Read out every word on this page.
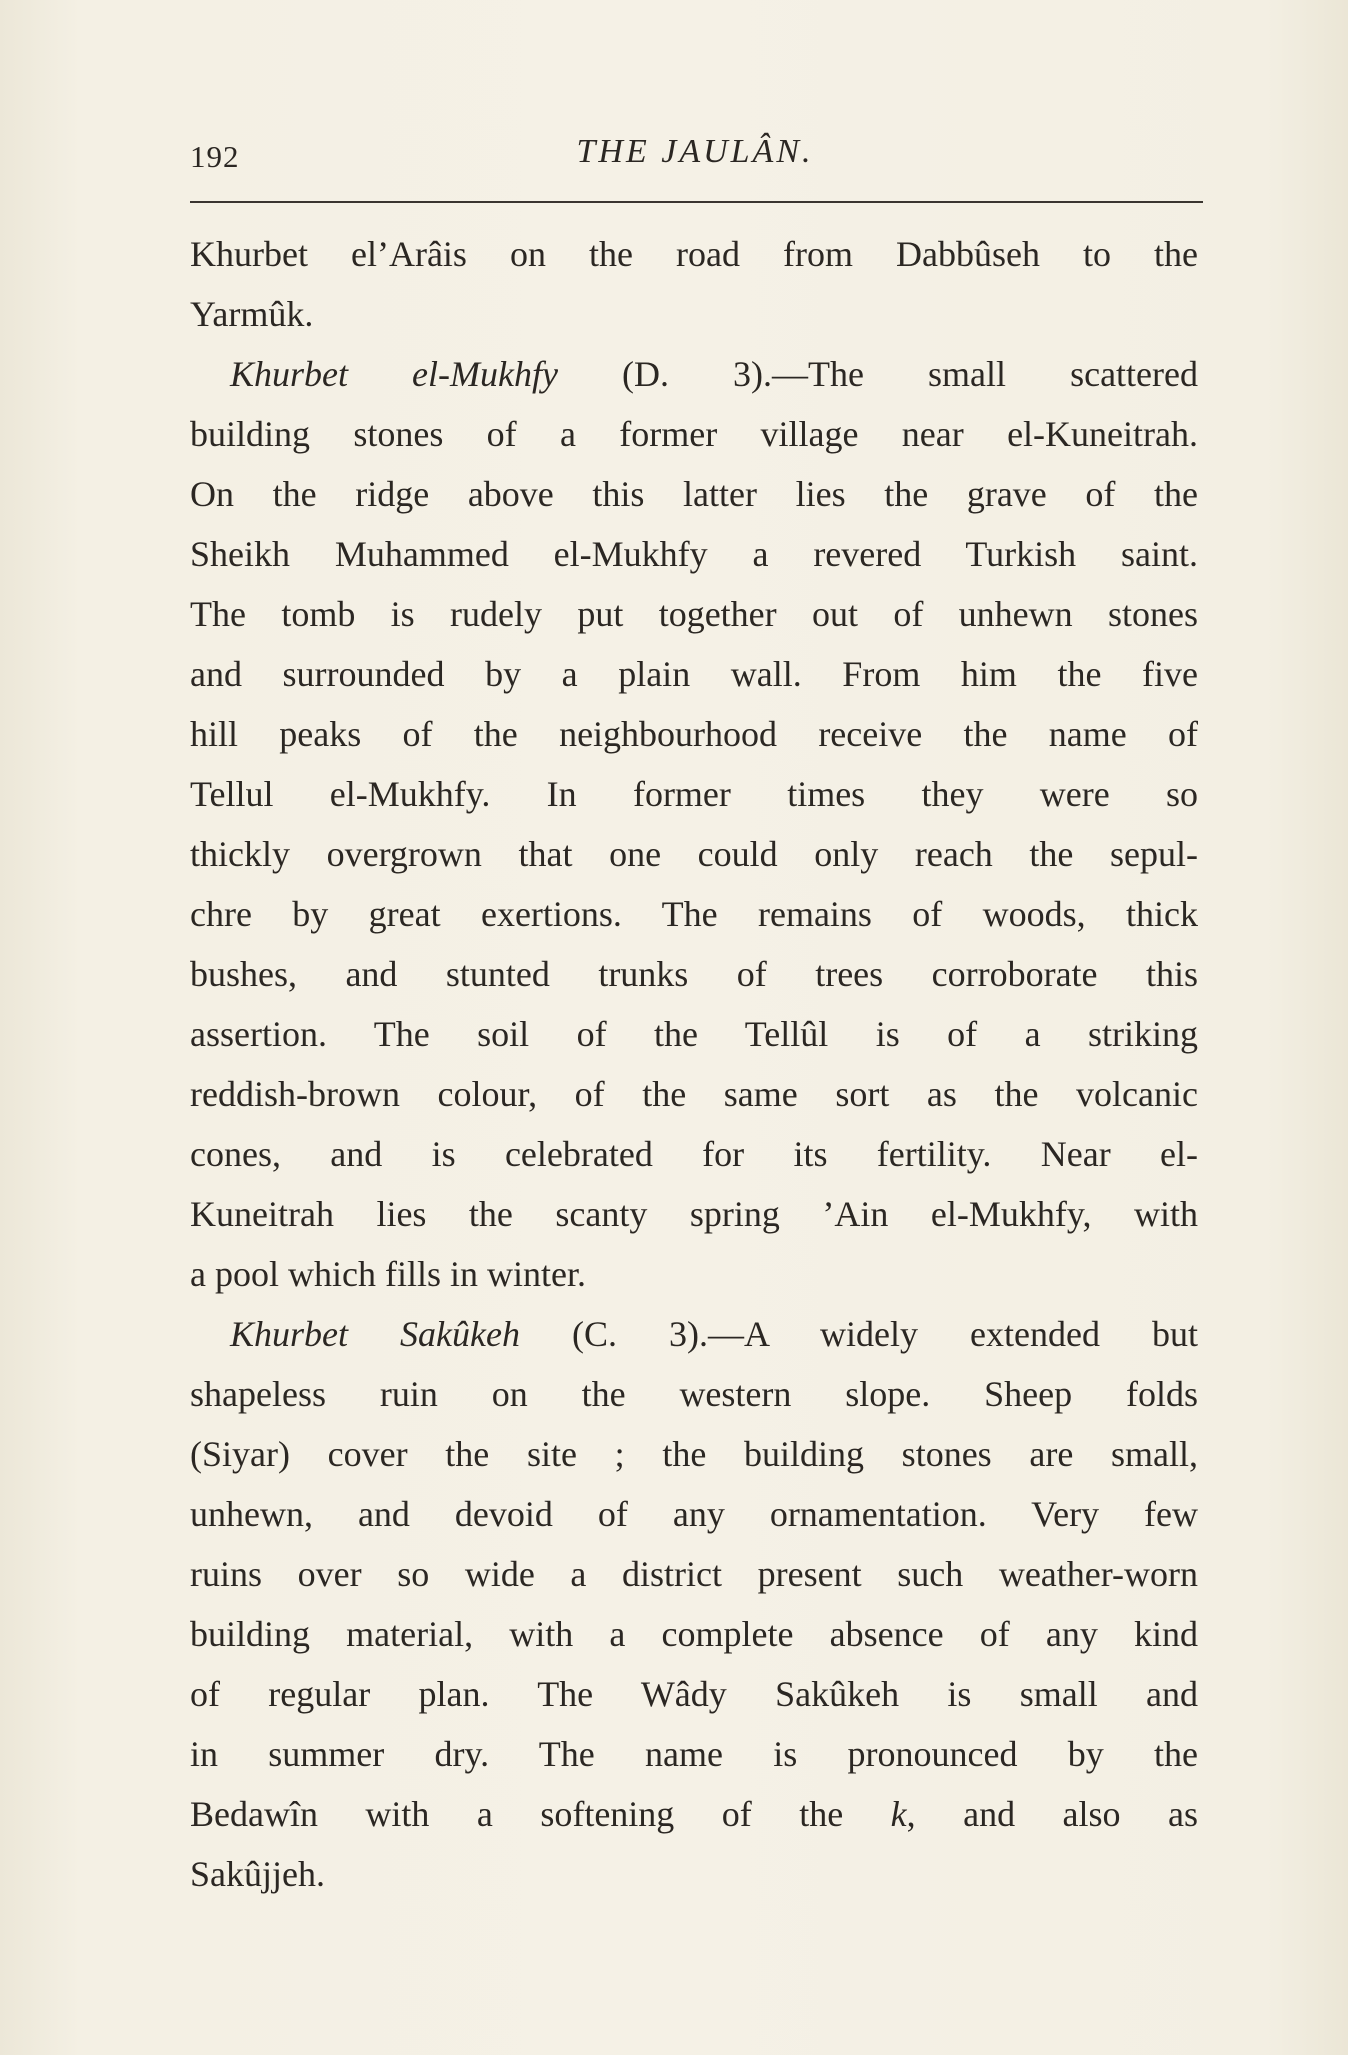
192	THE JAULÂN.
Khurbet el’Arâis on the road from Dabbûseh to the
Yarmûk.
Khurbet el-Mukhfy (D. 3).—The small scattered
building stones of a former village near el-Kuneitrah.
On the ridge above this latter lies the grave of the
Sheikh Muhammed el-Mukhfy a revered Turkish saint.
The tomb is rudely put together out of unhewn stones
and surrounded by a plain wall. From him the five
hill peaks of the neighbourhood receive the name of
Tellul el-Mukhfy. In former times they were so
thickly overgrown that one could only reach the sepul-
chre by great exertions. The remains of woods, thick
bushes, and stunted trunks of trees corroborate this
assertion. The soil of the Tellûl is of a striking
reddish-brown colour, of the same sort as the volcanic
cones, and is celebrated for its fertility. Near el-
Kuneitrah lies the scanty spring ’Ain el-Mukhfy, with
a pool which fills in winter.
Khurbet Sakûkeh (C. 3).—A widely extended but
shapeless ruin on the western slope. Sheep folds
(Siyar) cover the site ; the building stones are small,
unhewn, and devoid of any ornamentation. Very few
ruins over so wide a district present such weather-worn
building material, with a complete absence of any kind
of regular plan. The Wâdy Sakûkeh is small and
in summer dry. The name is pronounced by the
Bedawîn with a softening of the k, and also as
Sakûjjeh.
